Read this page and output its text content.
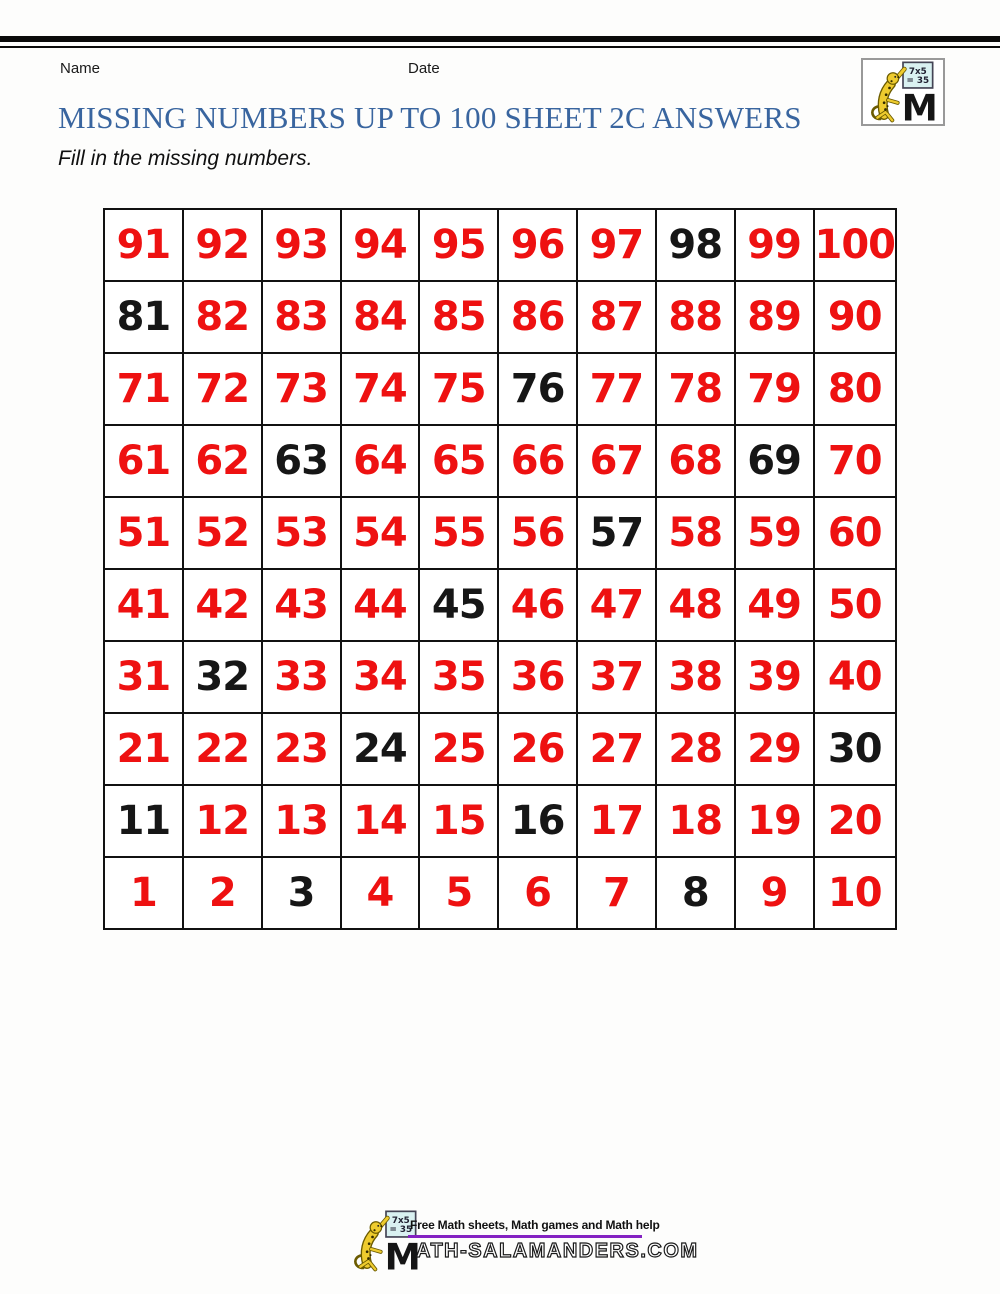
Name	Date
MISSING NUMBERS UP TO 100 SHEET 2C ANSWERS
Fill in the missing numbers.
91 92 93 94 95 96 97 98 99 100
81 82 83 84 85 86 87 88 89 90
71 72 73 74 75 76 77 78 79 80
61 62 63 64 65 66 67 68 69 70
51 52 53 54 55 56 57 58 59 60
41 42 43 44 45 46 47 48 49 50
31 32 33 34 35 36 37 38 39 40
21 22 23 24 25 26 27 28 29 30
11 12 13 14 15 16 17 18 19 20
1	2	3	4	5	6	7	8	9	10
Free Math sheets, Math games and Math help
ATH-SALAMANDERS.COM
